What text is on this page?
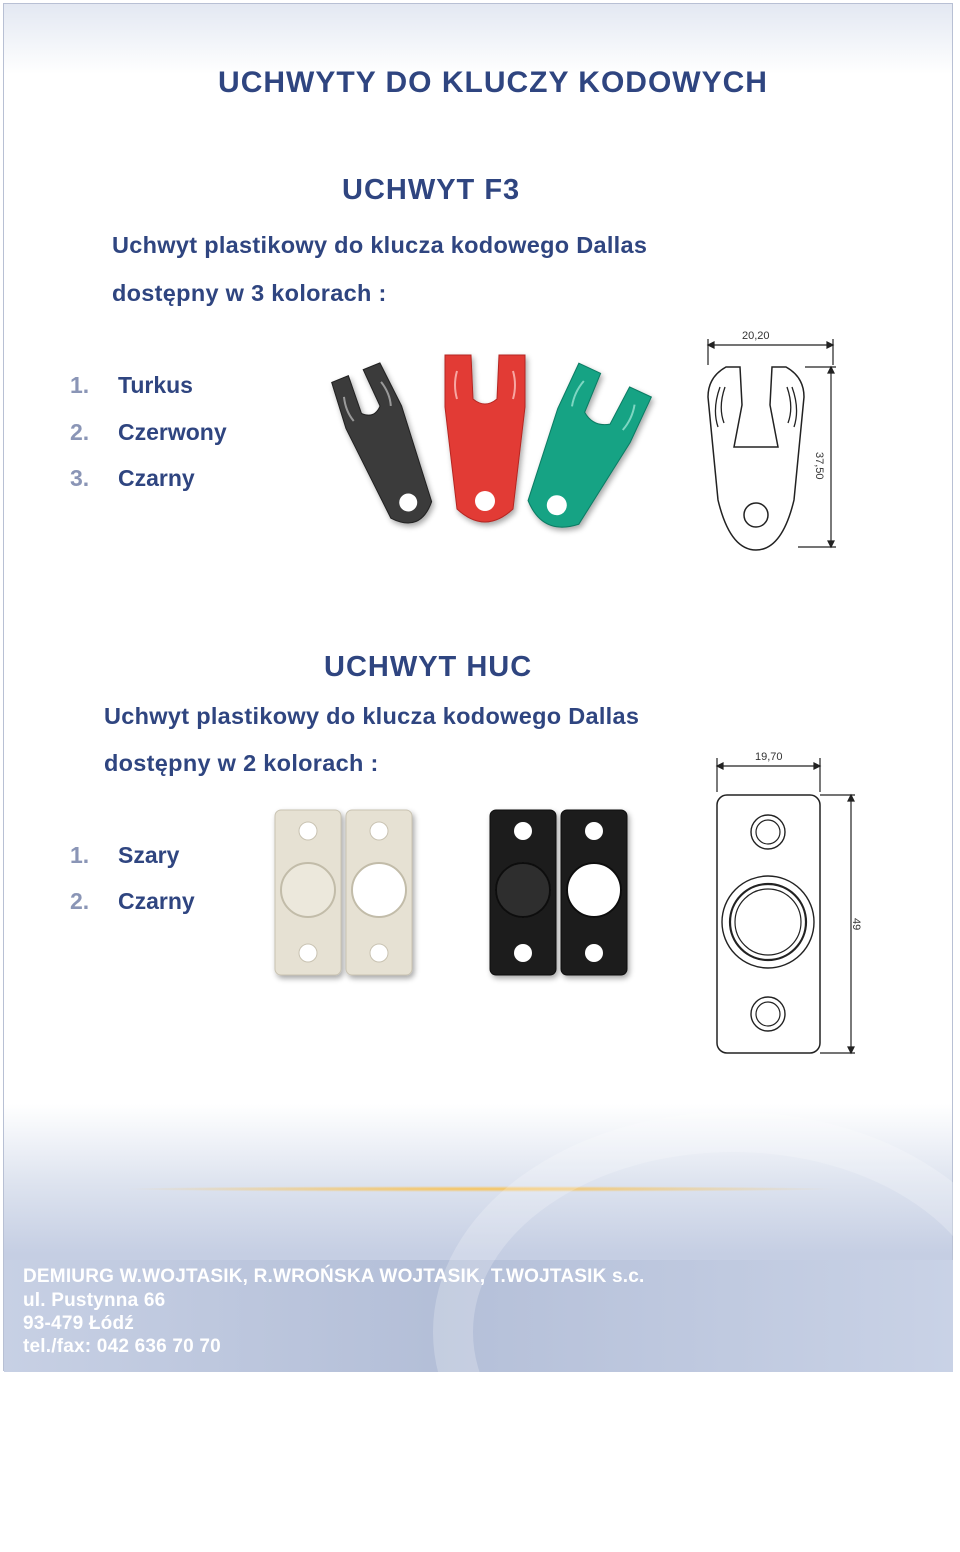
UCHWYTY DO KLUCZY KODOWYCH
UCHWYT F3
Uchwyt plastikowy do klucza kodowego Dallas
dostępny w 3 kolorach :
1. Turkus
2. Czerwony
3. Czarny
20,20
37,50
UCHWYT HUC
Uchwyt plastikowy do klucza kodowego Dallas
dostępny w 2 kolorach :
1. Szary
2. Czarny
19,70
49
DEMIURG W.WOJTASIK, R.WROŃSKA WOJTASIK, T.WOJTASIK s.c.
ul. Pustynna 66
93-479 Łódź
tel./fax: 042 636 70 70
